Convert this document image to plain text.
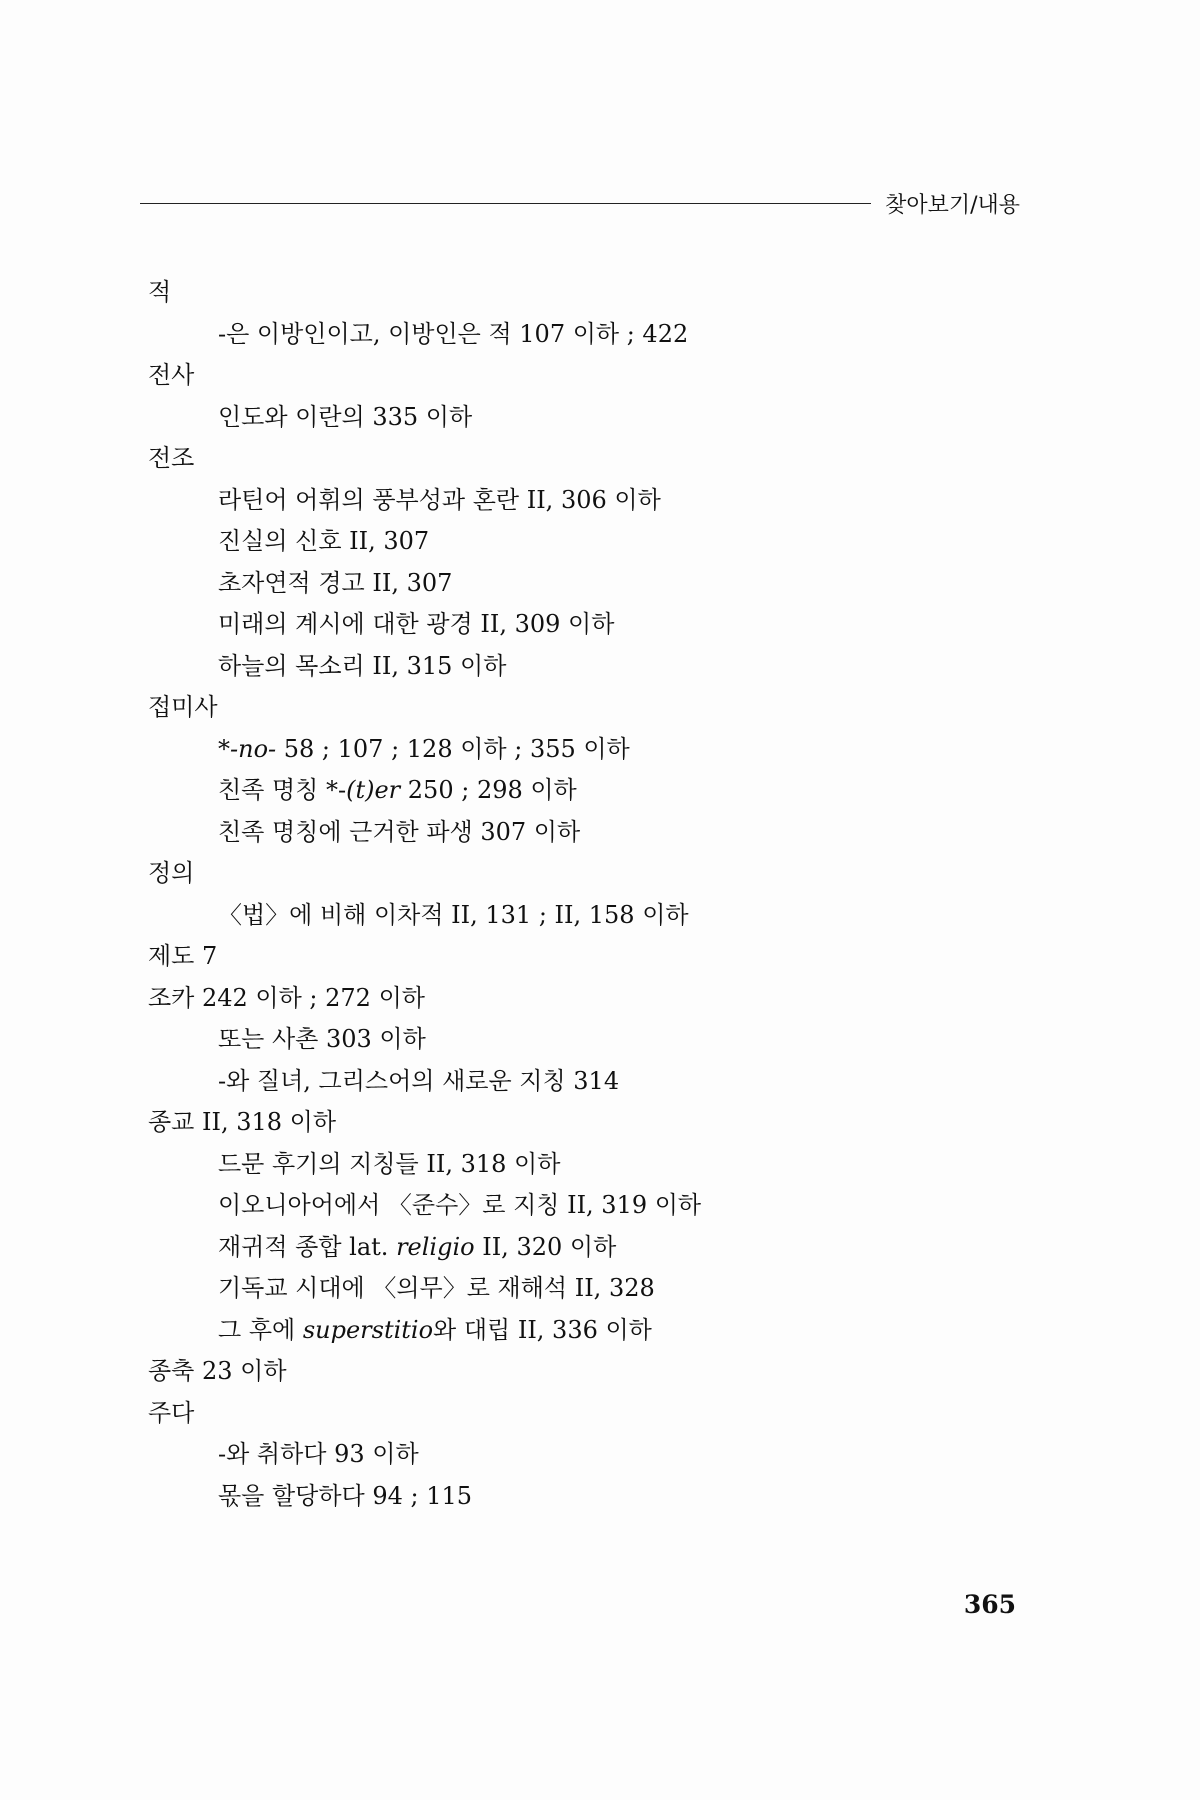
찾아보기/내용
적
-은 이방인이고, 이방인은 적 107 이하 ; 422
전사
인도와 이란의 335 이하
전조
라틴어 어휘의 풍부성과 혼란 II, 306 이하
진실의 신호 II, 307
초자연적 경고 II, 307
미래의 계시에 대한 광경 II, 309 이하
하늘의 목소리 II, 315 이하
접미사
*-no- 58 ; 107 ; 128 이하 ; 355 이하
친족 명칭 *-(t)er 250 ; 298 이하
친족 명칭에 근거한 파생 307 이하
정의
〈법〉에 비해 이차적 II, 131 ; II, 158 이하
제도 7
조카 242 이하 ; 272 이하
또는 사촌 303 이하
-와 질녀, 그리스어의 새로운 지칭 314
종교 II, 318 이하
드문 후기의 지칭들 II, 318 이하
이오니아어에서 〈준수〉로 지칭 II, 319 이하
재귀적 종합 lat. religio II, 320 이하
기독교 시대에 〈의무〉로 재해석 II, 328
그 후에 superstitio와 대립 II, 336 이하
종축 23 이하
주다
-와 취하다 93 이하
몫을 할당하다 94 ; 115
365
